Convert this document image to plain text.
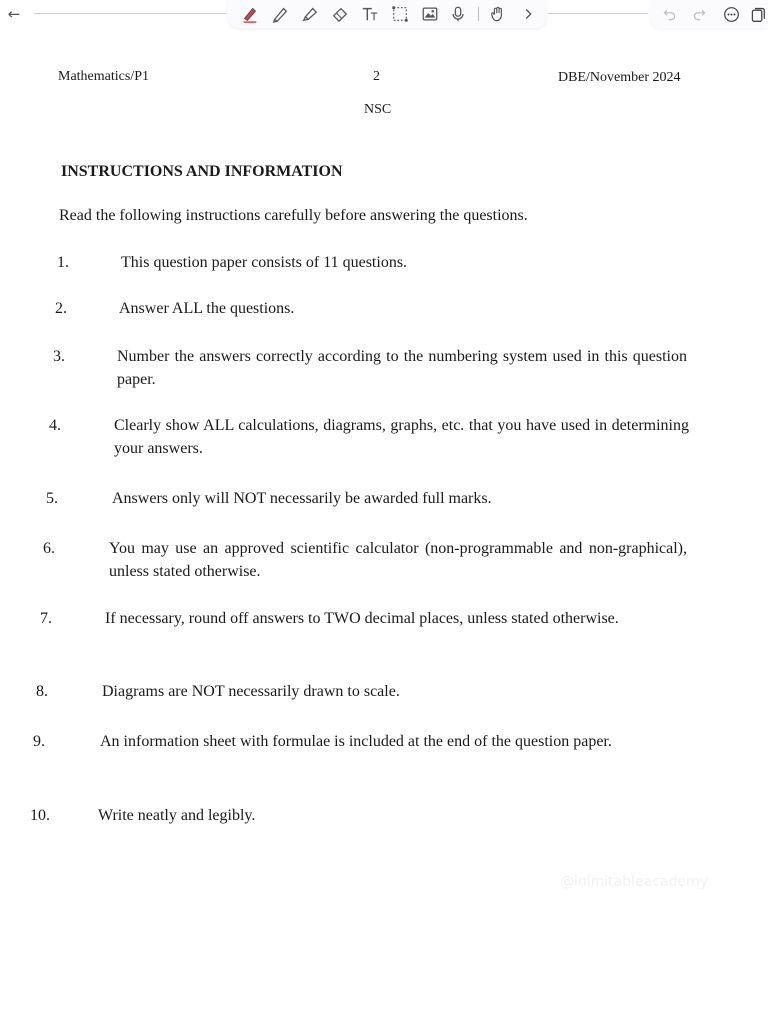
←
Mathematics/P1	2	DBE/November 2024
NSC
INSTRUCTIONS AND INFORMATION
Read the following instructions carefully before answering the questions.
1.	This question paper consists of 11 questions.
2.	Answer ALL the questions.
3.	Number the answers correctly according to the numbering system used in this question paper.
4.	Clearly show ALL calculations, diagrams, graphs, etc. that you have used in determining your answers.
5.	Answers only will NOT necessarily be awarded full marks.
6.	You may use an approved scientific calculator (non-programmable and non-graphical), unless stated otherwise.
7.	If necessary, round off answers to TWO decimal places, unless stated otherwise.
8.	Diagrams are NOT necessarily drawn to scale.
9.	An information sheet with formulae is included at the end of the question paper.
10.	Write neatly and legibly.
@inimitableacademy
